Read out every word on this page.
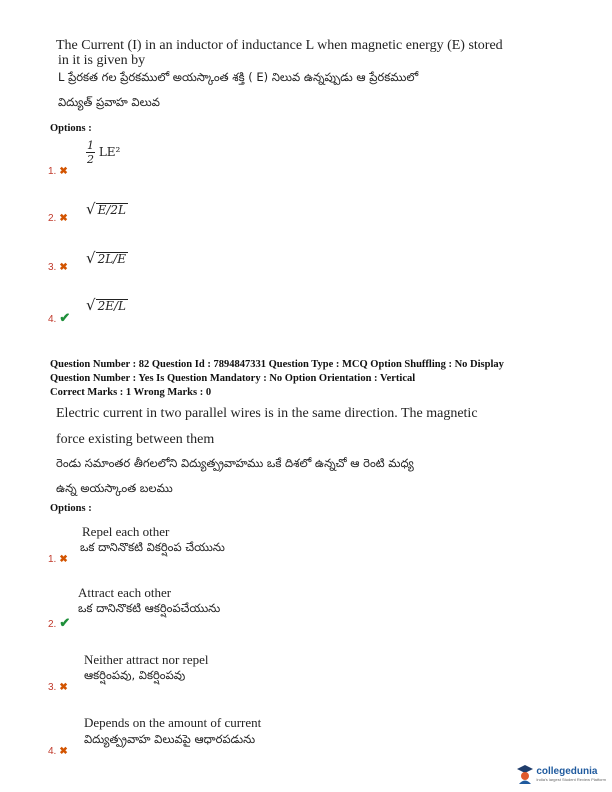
The Current (I) in an inductor of inductance L when magnetic energy (E) stored
in it is given by
L ప్రేరకత గల ప్రేరకములో అయస్కాంత శక్తి ( E) నిలువ ఉన్నప్పుడు ఆ ప్రేరకములో
విద్యుత్ ప్రవాహ విలువ
Options :
$\frac{1}{2} LE^2$
1. ✖
√ E/2L
2. ✖
√ 2L/E
3. ✖
√ 2E/L
4. ✔
Question Number : 82 Question Id : 7894847331 Question Type : MCQ Option Shuffling : No Display
Question Number : Yes Is Question Mandatory : No Option Orientation : Vertical
Correct Marks : 1 Wrong Marks : 0
Electric current in two parallel wires is in the same direction. The magnetic
force existing between them
రెండు సమాంతర తీగలలోని విద్యుత్ప్రవాహము ఒకే దిశలో ఉన్నచో ఆ రెంటి మధ్య
ఉన్న అయస్కాంత బలము
Options :
Repel each other
ఒక దానినొకటి వికర్షింప చేయును
1. ✖
Attract each other
ఒక దానినొకటి ఆకర్షింపచేయును
2. ✔
Neither attract nor repel
ఆకర్షింపవు, వికర్షింపవు
3. ✖
Depends on the amount of current
విద్యుత్ప్రవాహ విలువపై ఆధారపడును
4. ✖
collegedunia
India's largest Student Review Platform
